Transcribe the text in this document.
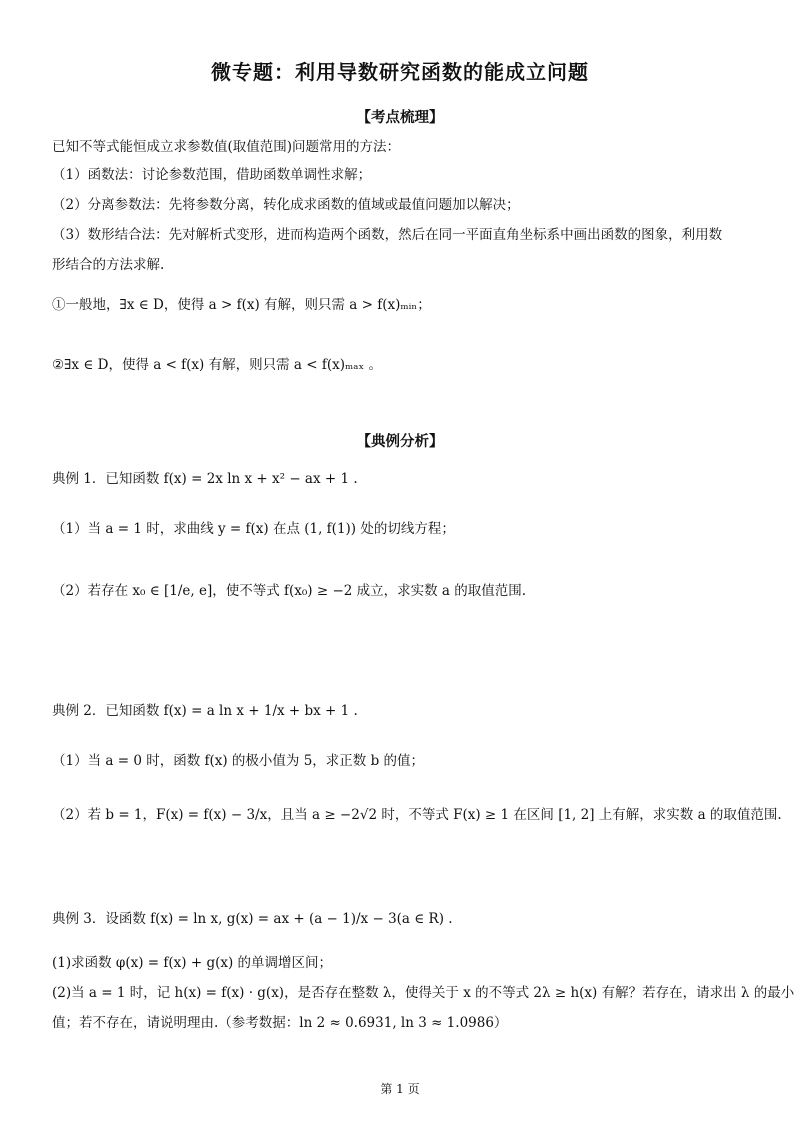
微专题：利用导数研究函数的能成立问题
【考点梳理】
已知不等式能恒成立求参数值(取值范围)问题常用的方法：
（1）函数法：讨论参数范围，借助函数单调性求解；
（2）分离参数法：先将参数分离，转化成求函数的值域或最值问题加以解决；
（3）数形结合法：先对解析式变形，进而构造两个函数，然后在同一平面直角坐标系中画出函数的图象，利用数
形结合的方法求解.
①一般地，∃x ∈ D，使得 a > f(x) 有解，则只需 a > f(x)ₘᵢₙ；
②∃x ∈ D，使得 a < f(x) 有解，则只需 a < f(x)ₘₐₓ 。
【典例分析】
典例 1．已知函数 f(x) = 2x ln x + x² − ax + 1 .
（1）当 a = 1 时，求曲线 y = f(x) 在点 (1, f(1)) 处的切线方程；
（2）若存在 x₀ ∈ [1/e, e]，使不等式 f(x₀) ≥ −2 成立，求实数 a 的取值范围.
典例 2．已知函数 f(x) = a ln x + 1/x + bx + 1 .
（1）当 a = 0 时，函数 f(x) 的极小值为 5，求正数 b 的值；
（2）若 b = 1，F(x) = f(x) − 3/x，且当 a ≥ −2√2 时，不等式 F(x) ≥ 1 在区间 [1, 2] 上有解，求实数 a 的取值范围.
典例 3．设函数 f(x) = ln x, g(x) = ax + (a − 1)/x − 3(a ∈ R) .
(1)求函数 φ(x) = f(x) + g(x) 的单调增区间；
(2)当 a = 1 时，记 h(x) = f(x) · g(x)，是否存在整数 λ，使得关于 x 的不等式 2λ ≥ h(x) 有解？若存在，请求出 λ 的最小
值；若不存在，请说明理由.（参考数据：ln 2 ≈ 0.6931, ln 3 ≈ 1.0986）
第 1 页
